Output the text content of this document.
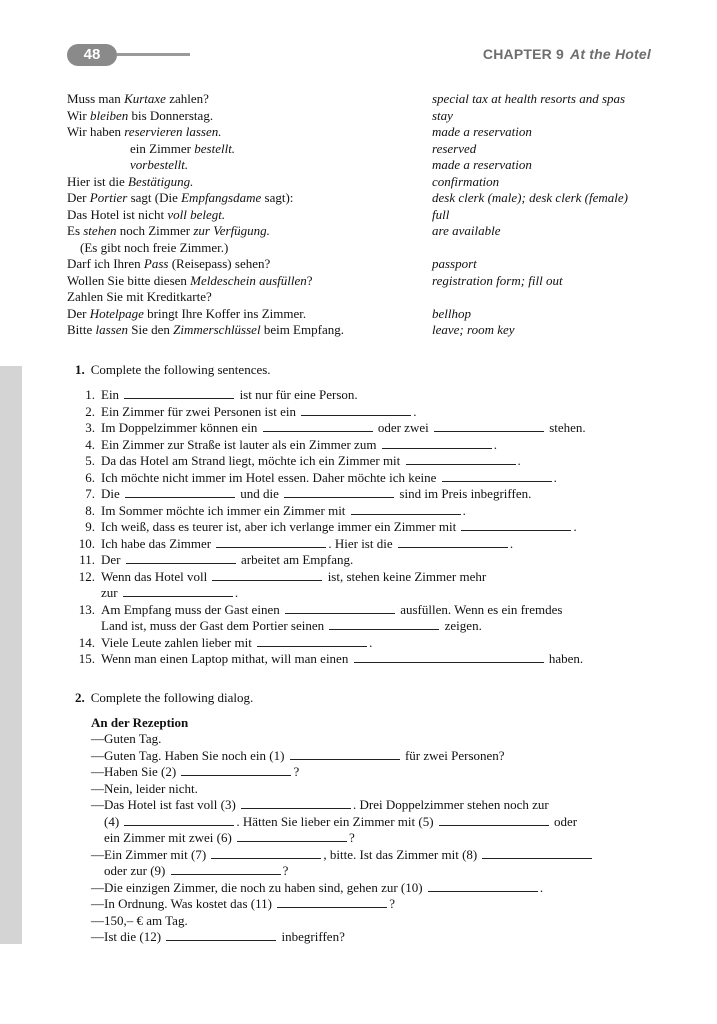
48	CHAPTER 9 At the Hotel
Muss man Kurtaxe zahlen?	special tax at health resorts and spas
Wir bleiben bis Donnerstag.	stay
Wir haben reservieren lassen.	made a reservation
ein Zimmer bestellt.	reserved
vorbestellt.	made a reservation
Hier ist die Bestätigung.	confirmation
Der Portier sagt (Die Empfangsdame sagt):	desk clerk (male); desk clerk (female)
Das Hotel ist nicht voll belegt.	full
Es stehen noch Zimmer zur Verfügung.	are available
(Es gibt noch freie Zimmer.)
Darf ich Ihren Pass (Reisepass) sehen?	passport
Wollen Sie bitte diesen Meldeschein ausfüllen?	registration form; fill out
Zahlen Sie mit Kreditkarte?
Der Hotelpage bringt Ihre Koffer ins Zimmer.	bellhop
Bitte lassen Sie den Zimmerschlüssel beim Empfang.	leave; room key
1. Complete the following sentences.
1. Ein	ist nur für eine Person.
2. Ein Zimmer für zwei Personen ist ein	.
3. Im Doppelzimmer können ein	oder zwei	stehen.
4. Ein Zimmer zur Straße ist lauter als ein Zimmer zum	.
5. Da das Hotel am Strand liegt, möchte ich ein Zimmer mit	.
6. Ich möchte nicht immer im Hotel essen. Daher möchte ich keine	.
7. Die	und die	sind im Preis inbegriffen.
8. Im Sommer möchte ich immer ein Zimmer mit	.
9. Ich weiß, dass es teurer ist, aber ich verlange immer ein Zimmer mit	.
10. Ich habe das Zimmer	. Hier ist die	.
11. Der	arbeitet am Empfang.
12. Wenn das Hotel voll	ist, stehen keine Zimmer mehr
zur	.
13. Am Empfang muss der Gast einen	ausfüllen. Wenn es ein fremdes
Land ist, muss der Gast dem Portier seinen	zeigen.
14. Viele Leute zahlen lieber mit	.
15. Wenn man einen Laptop mithat, will man einen	haben.
2. Complete the following dialog.
An der Rezeption
—Guten Tag.
—Guten Tag. Haben Sie noch ein (1)	für zwei Personen?
—Haben Sie (2)	?
—Nein, leider nicht.
—Das Hotel ist fast voll (3)	. Drei Doppelzimmer stehen noch zur
(4)	. Hätten Sie lieber ein Zimmer mit (5)	oder
ein Zimmer mit zwei (6)	?
—Ein Zimmer mit (7)	, bitte. Ist das Zimmer mit (8)
oder zur (9)	?
—Die einzigen Zimmer, die noch zu haben sind, gehen zur (10)	.
—In Ordnung. Was kostet das (11)	?
—150,– € am Tag.
—Ist die (12)	inbegriffen?
